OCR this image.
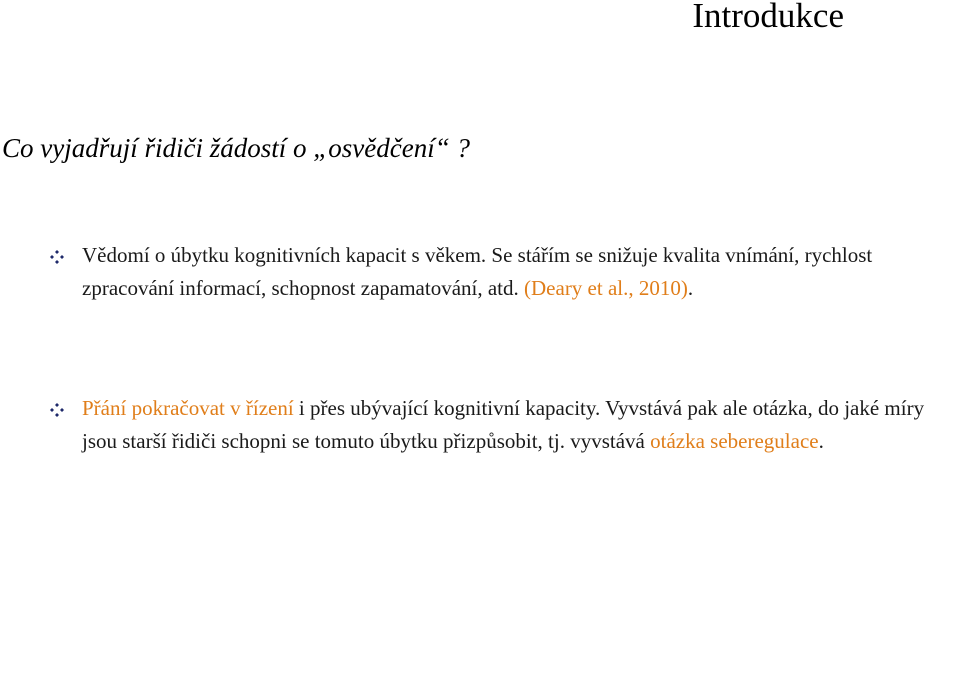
Introdukce

Co vyjadřují řidiči žádostí o „osvědčení“ ?

Vědomí o úbytku kognitivních kapacit s věkem. Se stářím se snižuje kvalita vnímání, rychlost zpracování informací, schopnost zapamatování, atd. (Deary et al., 2010).
Přání pokračovat v řízení i přes ubývající kognitivní kapacity. Vyvstává pak ale otázka, do jaké míry jsou starší řidiči schopni se tomuto úbytku přizpůsobit, tj. vyvstává otázka seberegulace.
